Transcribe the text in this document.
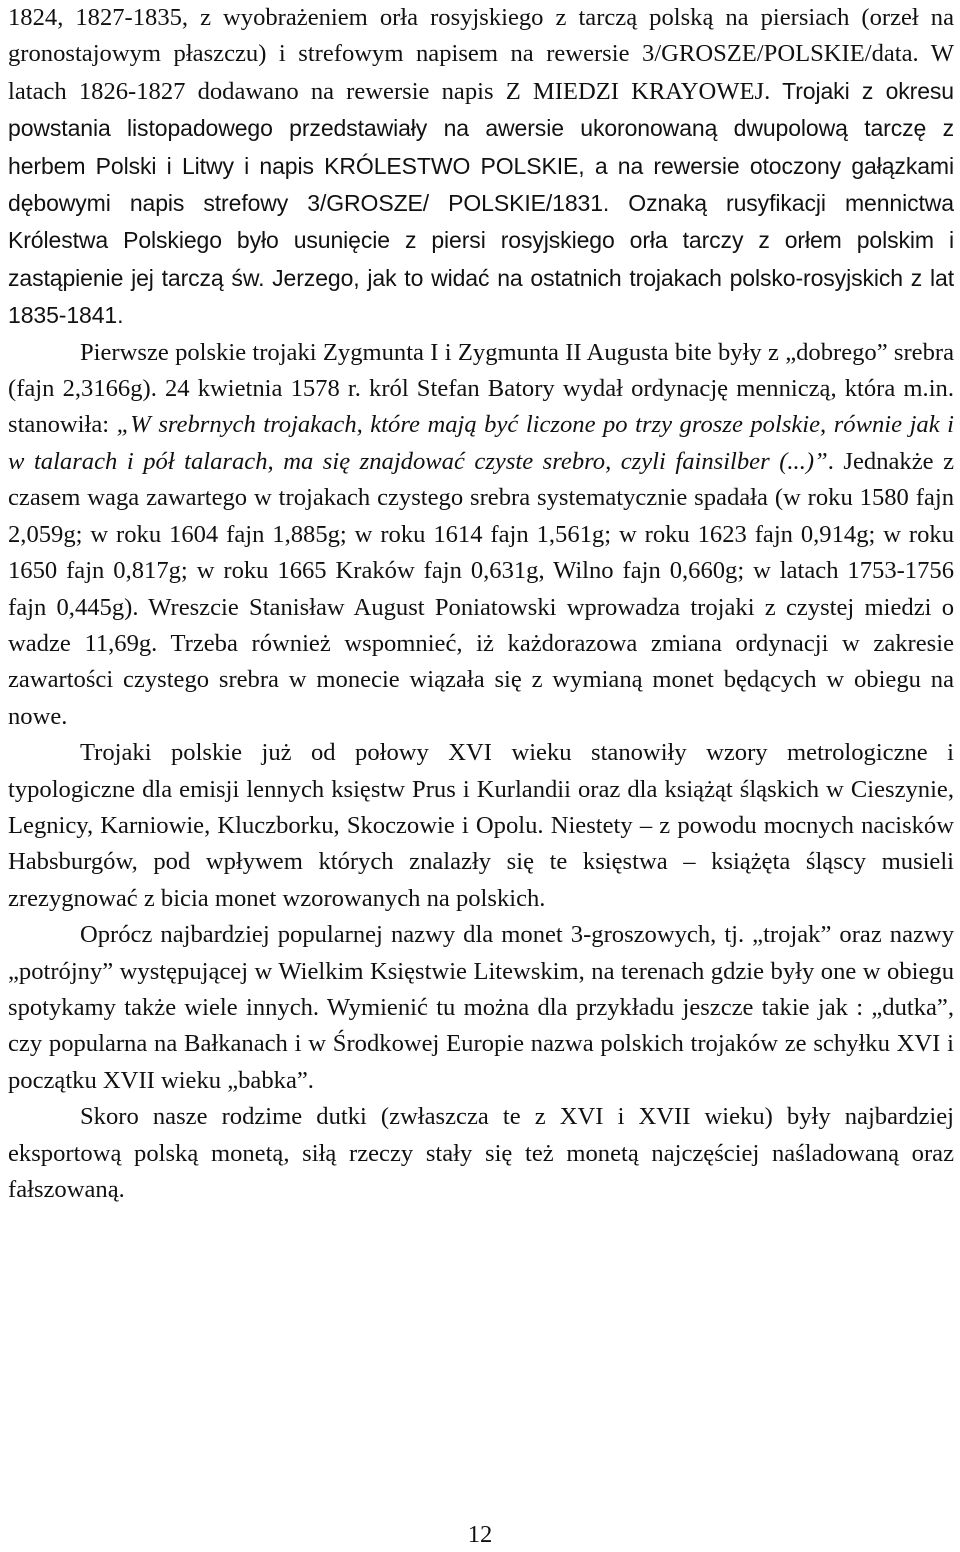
1824, 1827-1835, z wyobrażeniem orła rosyjskiego z tarczą polską na piersiach (orzeł na gronostajowym płaszczu) i strefowym napisem na rewersie 3/GROSZE/POLSKIE/data. W latach 1826-1827 dodawano na rewersie napis Z MIEDZI KRAYOWEJ. Trojaki z okresu powstania listopadowego przedstawiały na awersie ukoronowaną dwupolową tarczę z herbem Polski i Litwy i napis KRÓLESTWO POLSKIE, a na rewersie otoczony gałązkami dębowymi napis strefowy 3/GROSZE/ POLSKIE/1831. Oznaką rusyfikacji mennictwa Królestwa Polskiego było usunięcie z piersi rosyjskiego orła tarczy z orłem polskim i zastąpienie jej tarczą św. Jerzego, jak to widać na ostatnich trojakach polsko-rosyjskich z lat 1835-1841.

Pierwsze polskie trojaki Zygmunta I i Zygmunta II Augusta bite były z „dobrego” srebra (fajn 2,3166g). 24 kwietnia 1578 r. król Stefan Batory wydał ordynację menniczą, która m.in. stanowiła: „W srebrnych trojakach, które mają być liczone po trzy grosze polskie, równie jak i w talarach i pół talarach, ma się znajdować czyste srebro, czyli fainsilber (...)”. Jednakże z czasem waga zawartego w trojakach czystego srebra systematycznie spadała (w roku 1580 fajn 2,059g; w roku 1604 fajn 1,885g; w roku 1614 fajn 1,561g; w roku 1623 fajn 0,914g; w roku 1650 fajn 0,817g; w roku 1665 Kraków fajn 0,631g, Wilno fajn 0,660g; w latach 1753-1756 fajn 0,445g). Wreszcie Stanisław August Poniatowski wprowadza trojaki z czystej miedzi o wadze 11,69g. Trzeba również wspomnieć, iż każdorazowa zmiana ordynacji w zakresie zawartości czystego srebra w monecie wiązała się z wymianą monet będących w obiegu na nowe.

Trojaki polskie już od połowy XVI wieku stanowiły wzory metrologiczne i typologiczne dla emisji lennych księstw Prus i Kurlandii oraz dla książąt śląskich w Cieszynie, Legnicy, Karniowie, Kluczborku, Skoczowie i Opolu. Niestety – z powodu mocnych nacisków Habsburgów, pod wpływem których znalazły się te księstwa – książęta śląscy musieli zrezygnować z bicia monet wzorowanych na polskich.

Oprócz najbardziej popularnej nazwy dla monet 3-groszowych, tj. „trojak” oraz nazwy „potrójny” występującej w Wielkim Księstwie Litewskim, na terenach gdzie były one w obiegu spotykamy także wiele innych. Wymienić tu można dla przykładu jeszcze takie jak : „dutka”, czy popularna na Bałkanach i w Środkowej Europie nazwa polskich trojaków ze schyłku XVI i początku XVII wieku „babka”.

Skoro nasze rodzime dutki (zwłaszcza te z XVI i XVII wieku) były najbardziej eksportową polską monetą, siłą rzeczy stały się też monetą najczęściej naśladowaną oraz fałszowaną.

12
